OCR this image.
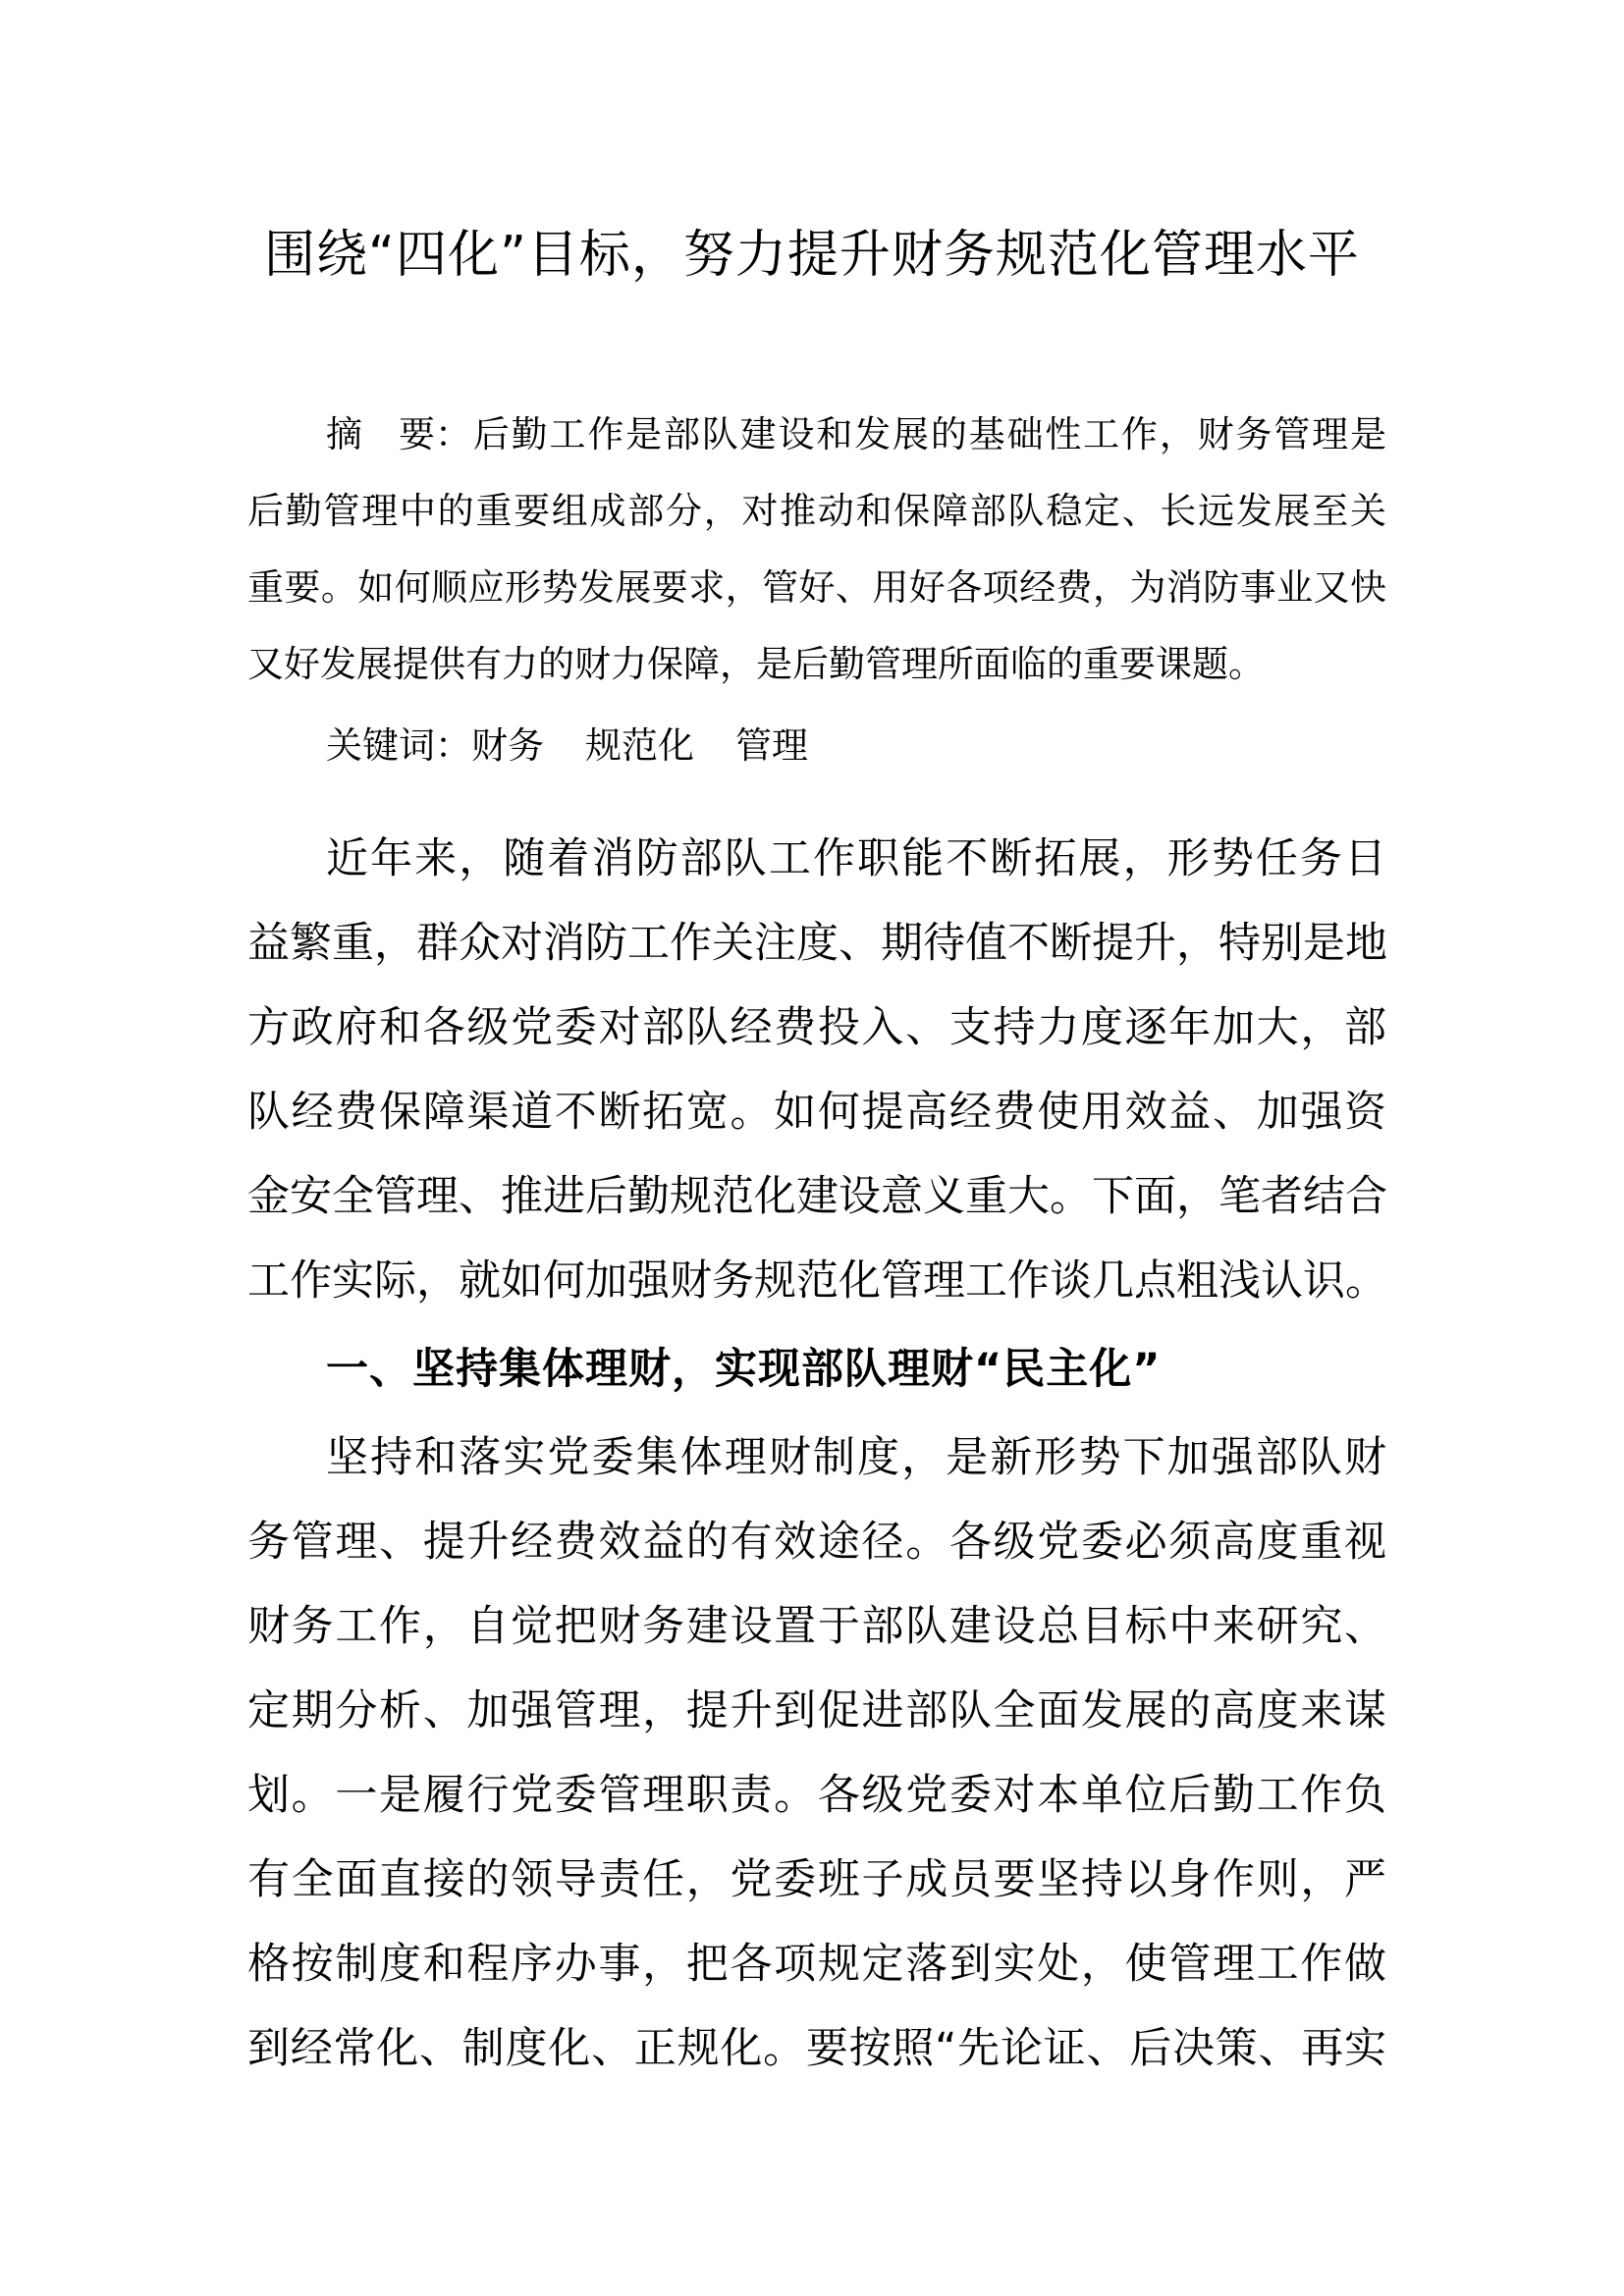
围绕“四化”目标，努力提升财务规范化管理水平
摘　要：后勤工作是部队建设和发展的基础性工作，财务管理是
后勤管理中的重要组成部分，对推动和保障部队稳定、长远发展至关
重要。如何顺应形势发展要求，管好、用好各项经费，为消防事业又快
又好发展提供有力的财力保障，是后勤管理所面临的重要课题。
关键词：财务 规范化 管理
近年来，随着消防部队工作职能不断拓展，形势任务日
益繁重，群众对消防工作关注度、期待值不断提升，特别是地
方政府和各级党委对部队经费投入、支持力度逐年加大，部
队经费保障渠道不断拓宽。如何提高经费使用效益、加强资
金安全管理、推进后勤规范化建设意义重大。下面，笔者结合
工作实际，就如何加强财务规范化管理工作谈几点粗浅认识。
一、坚持集体理财，实现部队理财“民主化”
坚持和落实党委集体理财制度，是新形势下加强部队财
务管理、提升经费效益的有效途径。各级党委必须高度重视
财务工作，自觉把财务建设置于部队建设总目标中来研究、
定期分析、加强管理，提升到促进部队全面发展的高度来谋
划。一是履行党委管理职责。各级党委对本单位后勤工作负
有全面直接的领导责任，党委班子成员要坚持以身作则，严
格按制度和程序办事，把各项规定落到实处，使管理工作做
到经常化、制度化、正规化。要按照“先论证、后决策、再实
